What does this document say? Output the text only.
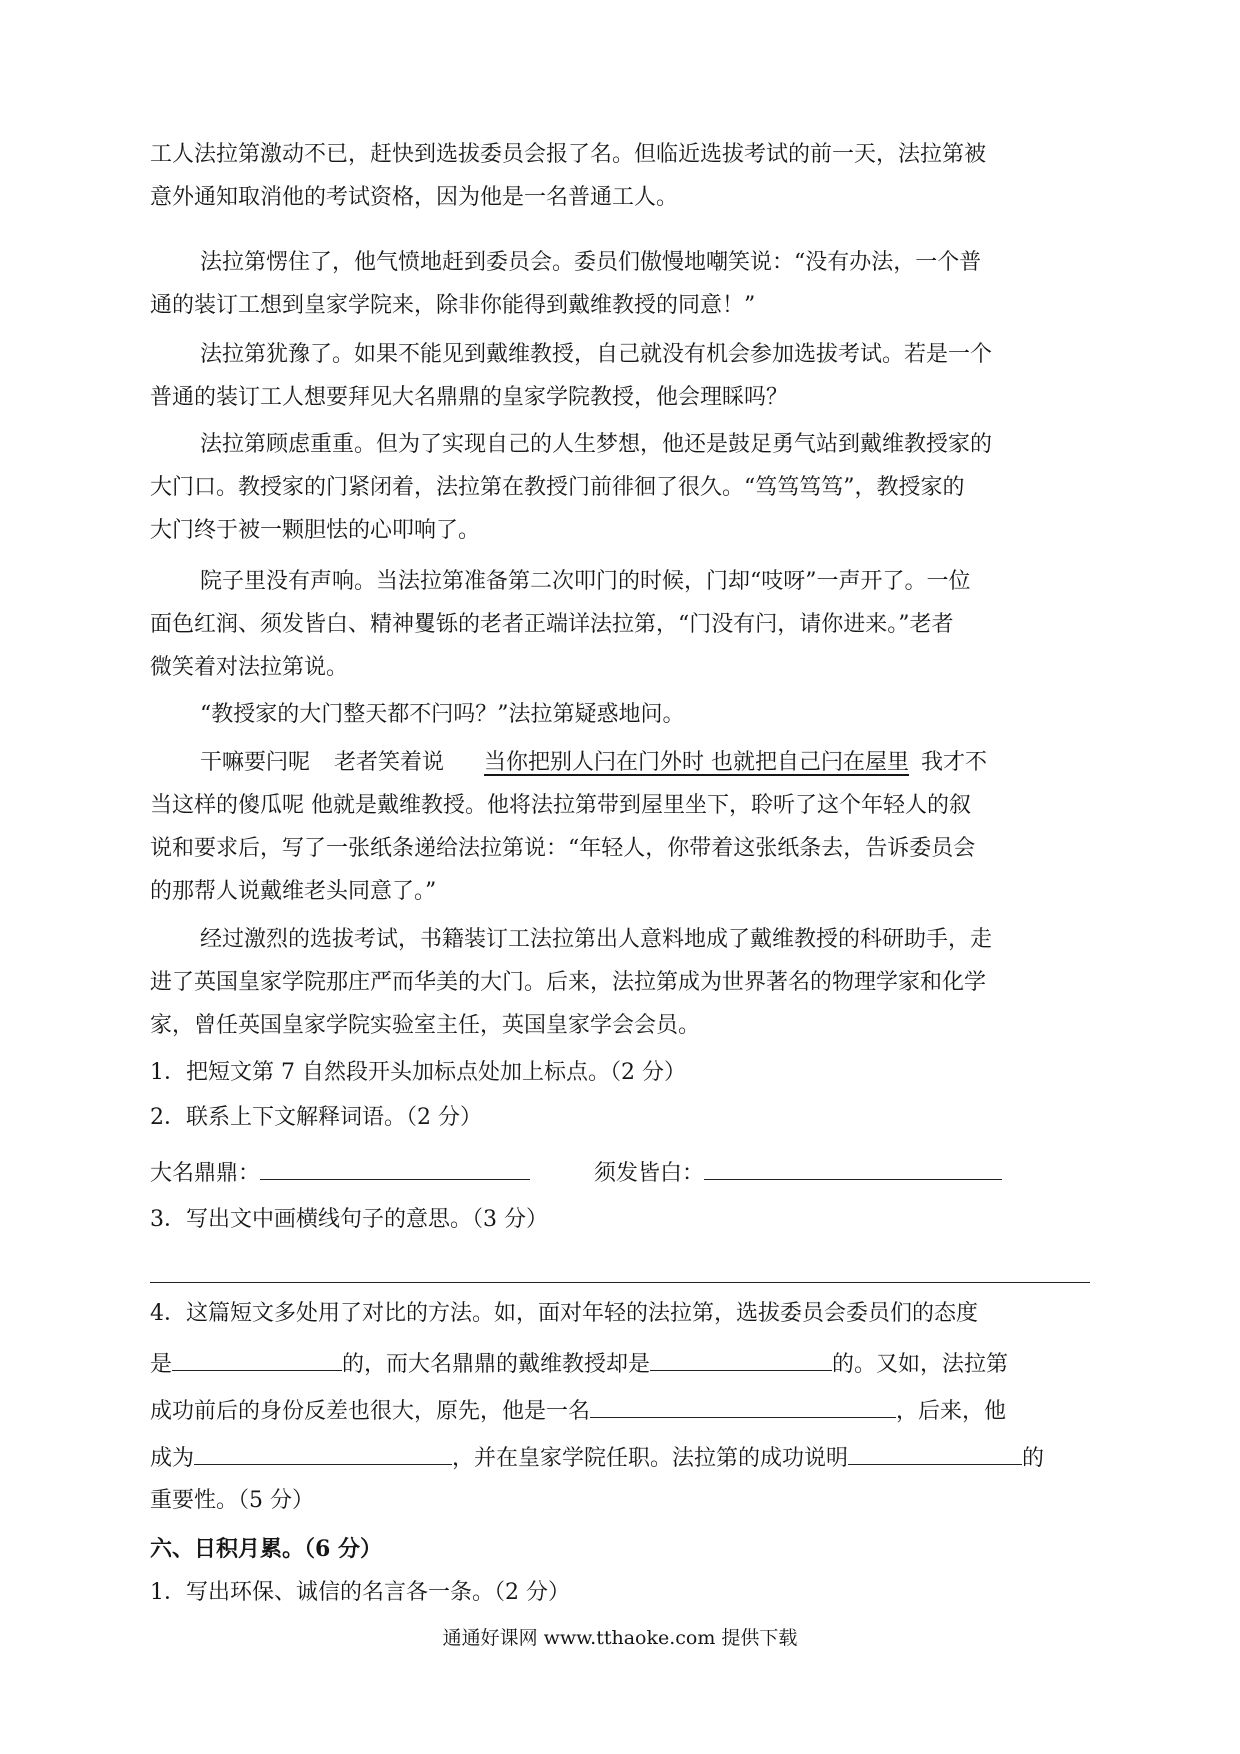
工人法拉第激动不已，赶快到选拔委员会报了名。但临近选拔考试的前一天，法拉第被
意外通知取消他的考试资格，因为他是一名普通工人。
法拉第愣住了，他气愤地赶到委员会。委员们傲慢地嘲笑说：“没有办法，一个普
通的装订工想到皇家学院来，除非你能得到戴维教授的同意！”
法拉第犹豫了。如果不能见到戴维教授，自己就没有机会参加选拔考试。若是一个
普通的装订工人想要拜见大名鼎鼎的皇家学院教授，他会理睬吗？
法拉第顾虑重重。但为了实现自己的人生梦想，他还是鼓足勇气站到戴维教授家的
大门口。教授家的门紧闭着，法拉第在教授门前徘徊了很久。“笃笃笃笃”，教授家的
大门终于被一颗胆怯的心叩响了。
院子里没有声响。当法拉第准备第二次叩门的时候，门却“吱呀”一声开了。一位
面色红润、须发皆白、精神矍铄的老者正端详法拉第，“门没有闩，请你进来。”老者
微笑着对法拉第说。
“教授家的大门整天都不闩吗？”法拉第疑惑地问。
干嘛要闩呢 老者笑着说 当你把别人闩在门外时 也就把自己闩在屋里 我才不
当这样的傻瓜呢 他就是戴维教授。他将法拉第带到屋里坐下，聆听了这个年轻人的叙
说和要求后，写了一张纸条递给法拉第说：“年轻人，你带着这张纸条去，告诉委员会
的那帮人说戴维老头同意了。”
经过激烈的选拔考试，书籍装订工法拉第出人意料地成了戴维教授的科研助手，走
进了英国皇家学院那庄严而华美的大门。后来，法拉第成为世界著名的物理学家和化学
家，曾任英国皇家学院实验室主任，英国皇家学会会员。
1．把短文第 7 自然段开头加标点处加上标点。（2 分）
2．联系上下文解释词语。（2 分）
大名鼎鼎：	须发皆白：
3．写出文中画横线句子的意思。（3 分）
4．这篇短文多处用了对比的方法。如，面对年轻的法拉第，选拔委员会委员们的态度
是	的，而大名鼎鼎的戴维教授却是	的。又如，法拉第
成功前后的身份反差也很大，原先，他是一名	，后来，他
成为	，并在皇家学院任职。法拉第的成功说明	的
重要性。（5 分）
六、日积月累。（6 分）
1．写出环保、诚信的名言各一条。（2 分）
通通好课网 www.tthaoke.com 提供下载
